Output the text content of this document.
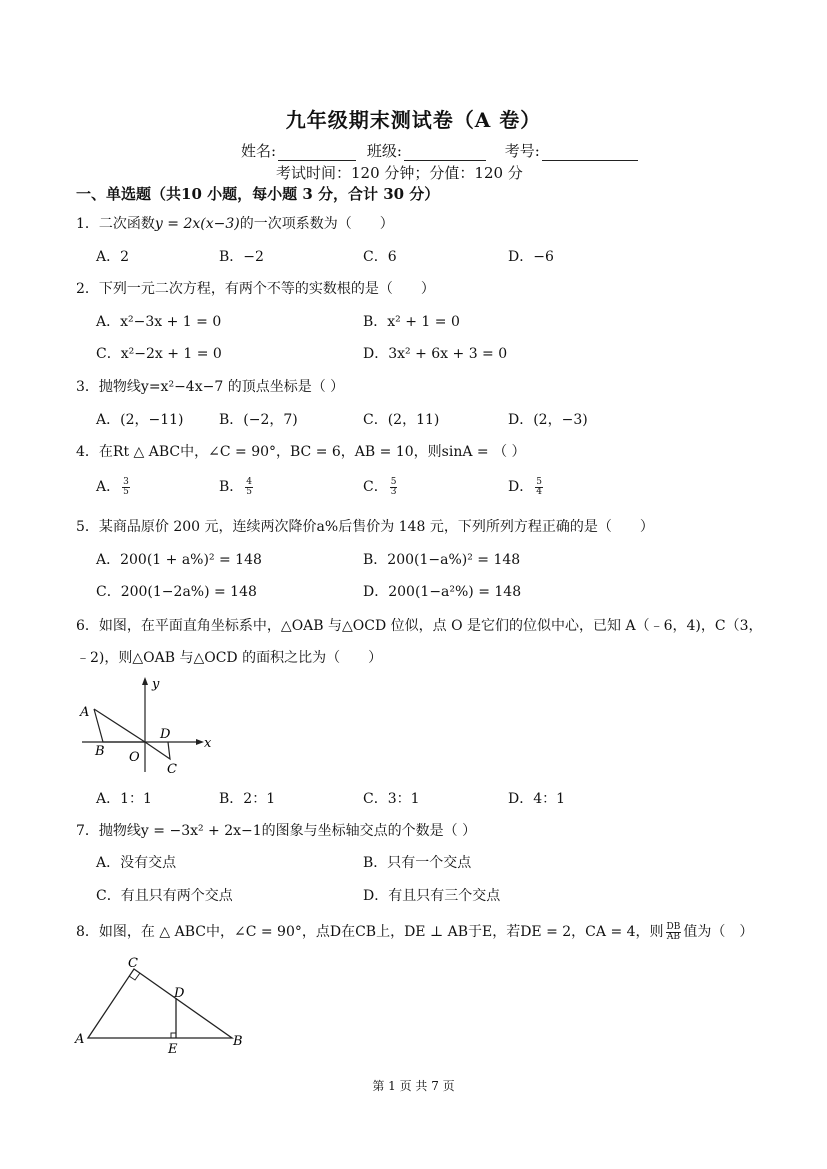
九年级期末测试卷（A 卷）
姓名:	班级:	考号:
考试时间：120 分钟；分值：120 分
一、单选题（共10 小题，每小题 3 分，合计 30 分）
1．二次函数y = 2x(x−3)的一次项系数为（　　）
A．2	B．−2	C．6	D．−6
2．下列一元二次方程，有两个不等的实数根的是（　　）
A．x²−3x + 1 = 0	B．x² + 1 = 0
C．x²−2x + 1 = 0	D．3x² + 6x + 3 = 0
3．抛物线y=x²−4x−7 的顶点坐标是（ ）
A．(2，−11)	B．(−2，7)	C．(2，11)	D．(2，−3)
4．在Rt △ ABC中，∠C = 90°，BC = 6，AB = 10，则sinA = （ ）
A． $\frac{3}{5}$	B． $\frac{4}{5}$	C． $\frac{5}{3}$	D． $\frac{5}{4}$
5．某商品原价 200 元，连续两次降价a%后售价为 148 元，下列所列方程正确的是（　　）
A．200(1 + a%)² = 148	B．200(1−a%)² = 148
C．200(1−2a%) = 148	D．200(1−a²%) = 148
6．如图，在平面直角坐标系中，△OAB 与△OCD 位似，点 O 是它们的位似中心，已知 A（﹣6，4)，C（3，
﹣2)，则△OAB 与△OCD 的面积之比为（　　）
y
x
A
B O
D
C
A．1：1	B．2：1	C．3：1	D．4：1
7．抛物线y = −3x² + 2x−1的图象与坐标轴交点的个数是（ ）
A．没有交点	B．只有一个交点
C．有且只有两个交点	D．有且只有三个交点
8．如图，在 △ ABC中，∠C = 90°，点D在CB上，DE ⊥ AB于E，若DE = 2，CA = 4，则 $\frac{DB}{AB}$ 值为（　）
C
D
A
E
B
第 1 页 共 7 页
